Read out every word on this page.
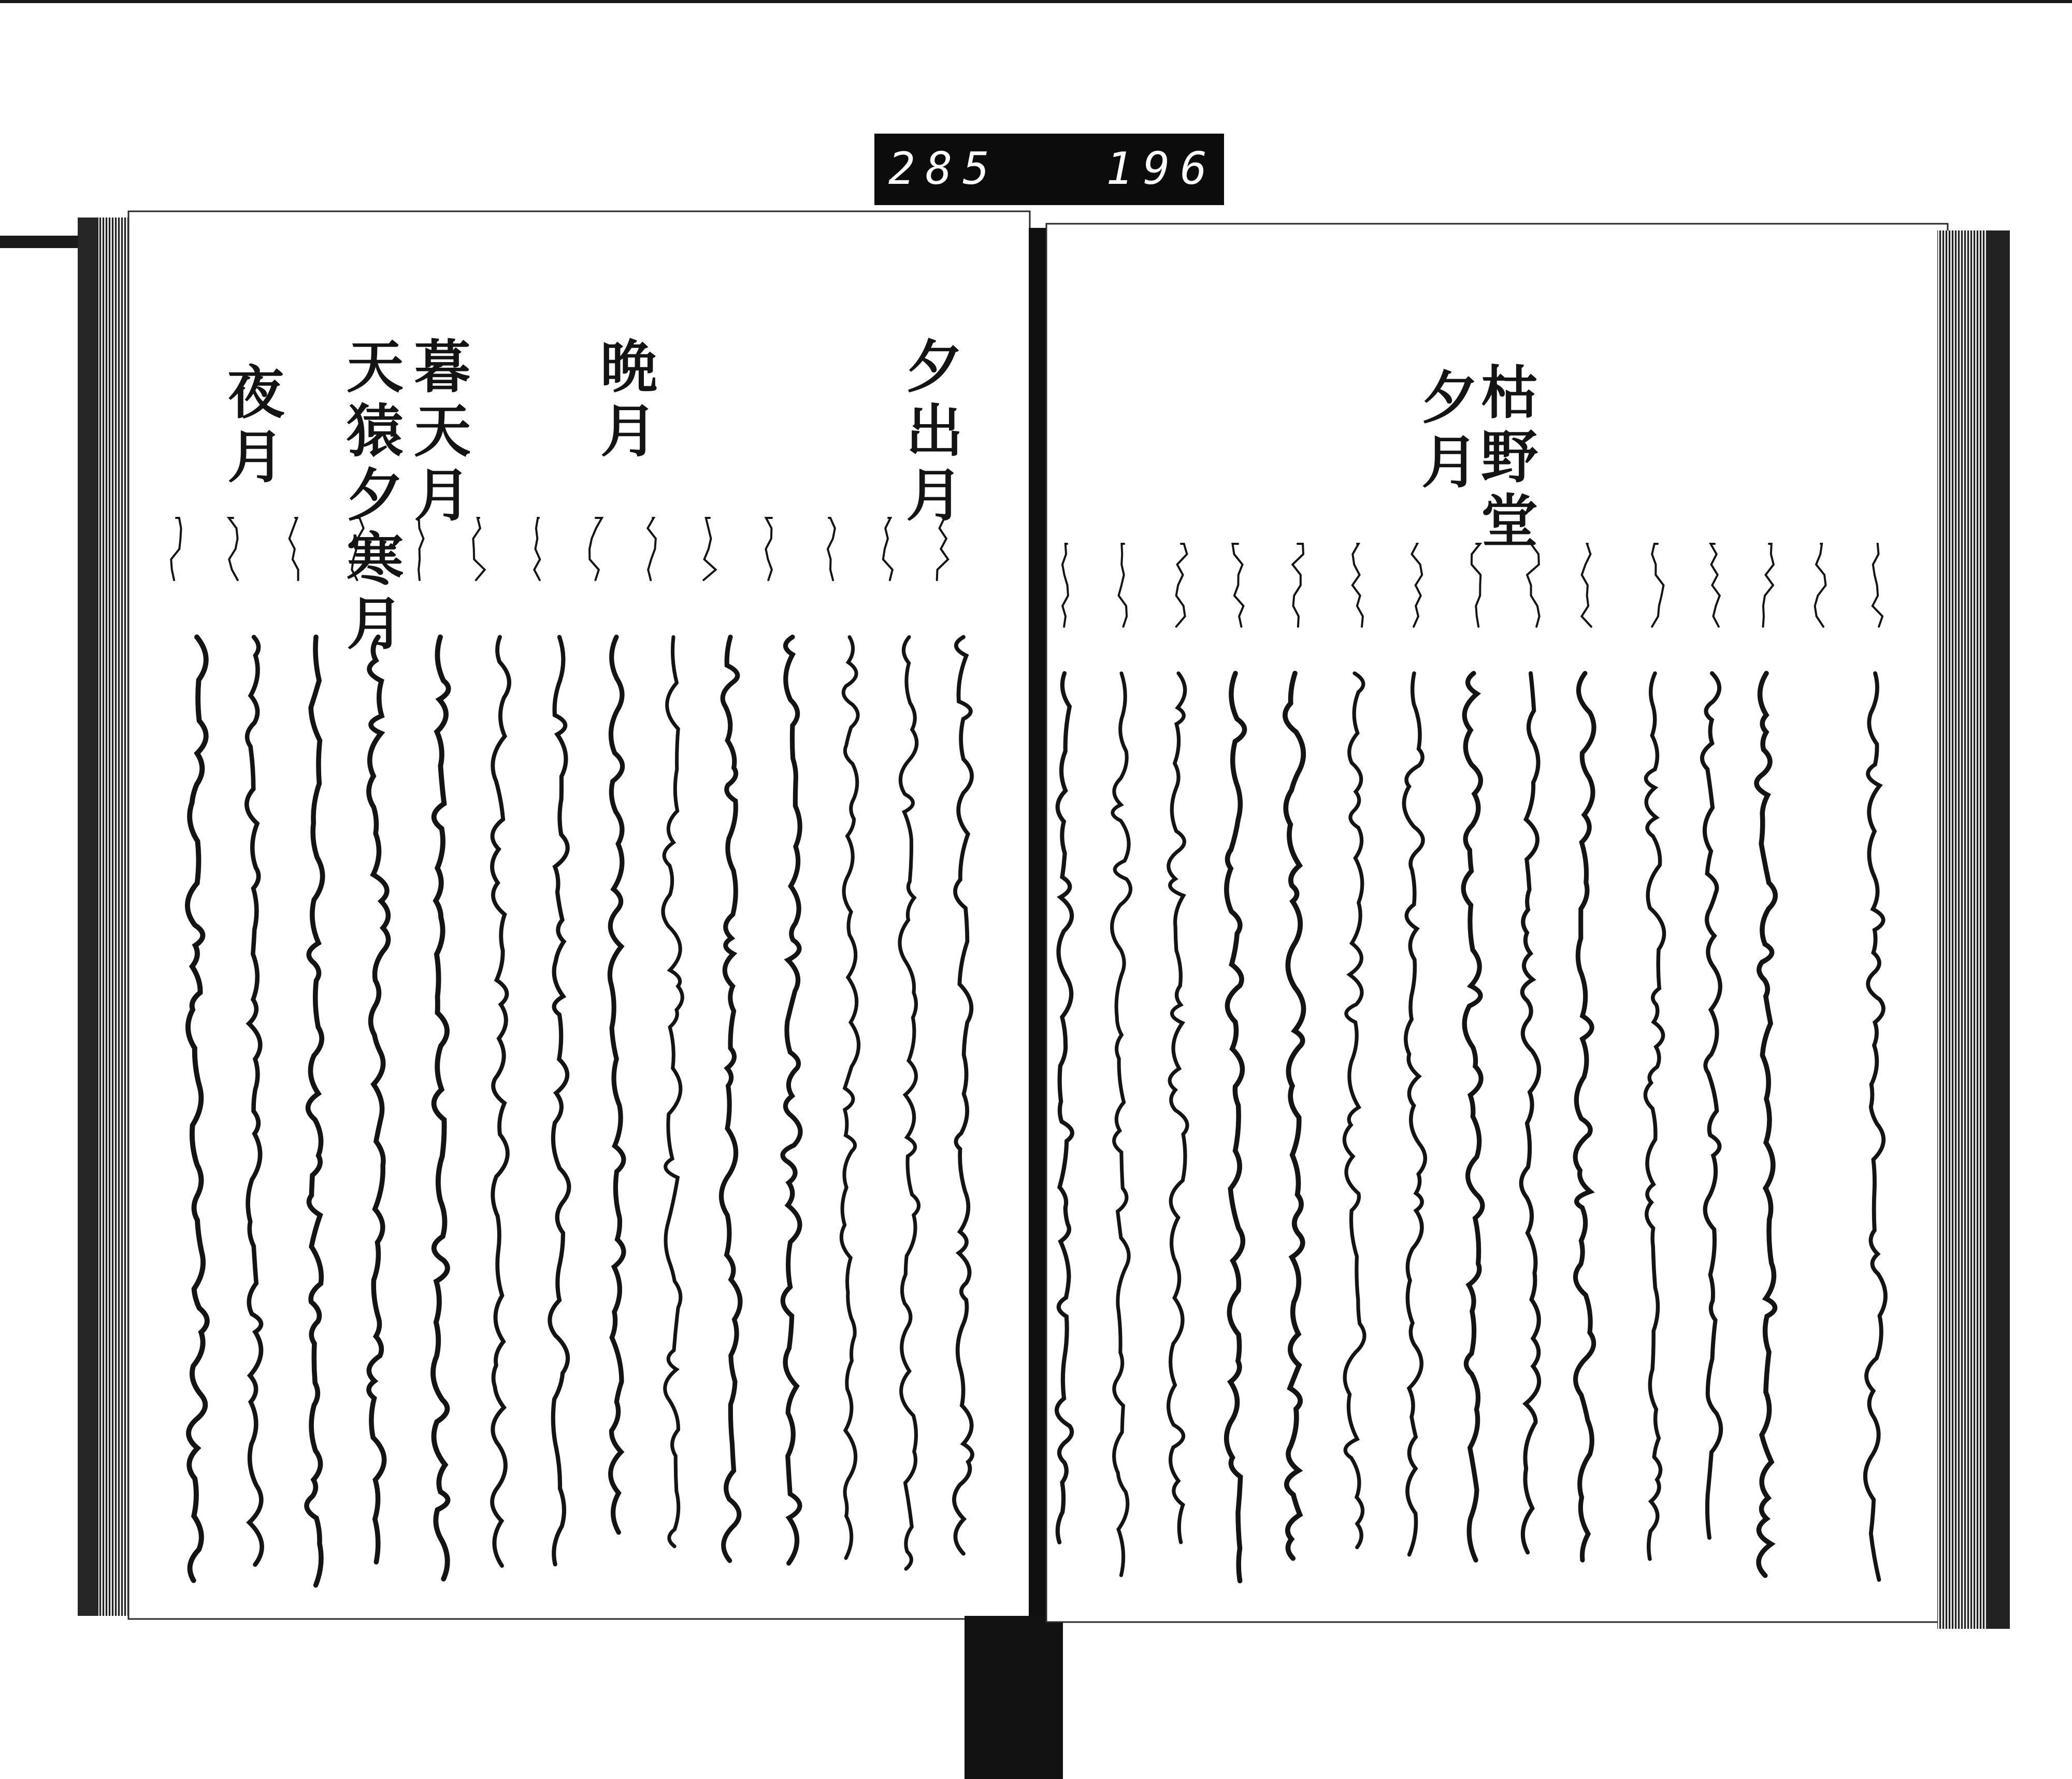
285 196
枯野堂
夕月
夕出月
晩月
暮天月
天猿夕寒月
夜月
